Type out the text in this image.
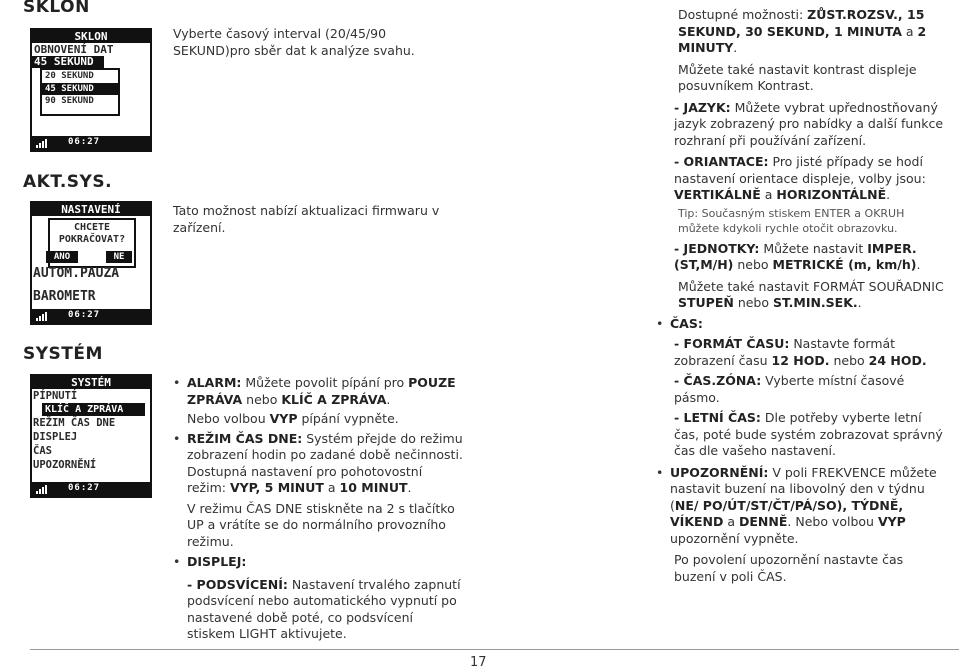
SKLON
AKT.SYS.
SYSTÉM
SKLON
OBNOVENÍ DAT
45 SEKUND
20 SEKUND
45 SEKUND
90 SEKUND
06:27
NASTAVENÍ
CHCETE
POKRAČOVAT?
ANO	NE
AUTOM.PAUZA
BAROMETR
06:27
SYSTÉM
PÍPNUTÍ
KLÍČ A ZPRÁVA
REŽIM ČAS DNE
DISPLEJ
ČAS
UPOZORNĚNÍ
06:27
Vyberte časový interval (20/45/90 SEKUND)pro sběr dat k analýze svahu.
Tato možnost nabízí aktualizaci firmwaru v zařízení.

• ALARM: Můžete povolit pípání pro POUZE ZPRÁVA nebo KLÍČ A ZPRÁVA.

Nebo volbou VYP pípání vypněte.

• REŽIM ČAS DNE: Systém přejde do režimu zobrazení hodin po zadané době nečinnosti.

Dostupná nastavení pro pohotovostní režim: VYP, 5 MINUT a 10 MINUT.

V režimu ČAS DNE stiskněte na 2 s tlačítko UP a vrátíte se do normálního provozního režimu.

• DISPLEJ:

- PODSVÍCENÍ: Nastavení trvalého zapnutí podsvícení nebo automatického vypnutí po nastavené době poté, co podsvícení stiskem LIGHT aktivujete.

Dostupné možnosti: ZŮST.ROZSV., 15 SEKUND, 30 SEKUND, 1 MINUTA a 2 MINUTY.

Můžete také nastavit kontrast displeje posuvníkem Kontrast.

- JAZYK: Můžete vybrat upřednostňovaný jazyk zobrazený pro nabídky a další funkce rozhraní při používání zařízení.

- ORIANTACE: Pro jisté případy se hodí nastavení orientace displeje, volby jsou: VERTIKÁLNĚ a HORIZONTÁLNĚ.

Tip: Současným stiskem ENTER a OKRUH můžete kdykoli rychle otočit obrazovku.

- JEDNOTKY: Můžete nastavit IMPER. (ST,M/H) nebo METRICKÉ (m, km/h).

Můžete také nastavit FORMÁT SOUŘADNIC STUPEŇ nebo ST.MIN.SEK..

• ČAS:

- FORMÁT ČASU: Nastavte formát zobrazení času 12 HOD. nebo 24 HOD.

- ČAS.ZÓNA: Vyberte místní časové pásmo.

- LETNÍ ČAS: Dle potřeby vyberte letní čas, poté bude systém zobrazovat správný čas dle vašeho nastavení.

• UPOZORNĚNÍ: V poli FREKVENCE můžete nastavit buzení na libovolný den v týdnu (NE/ PO/ÚT/ST/ČT/PÁ/SO), TÝDNĚ, VÍKEND a DENNĚ. Nebo volbou VYP upozornění vypněte.

Po povolení upozornění nastavte čas buzení v poli ČAS.

17
